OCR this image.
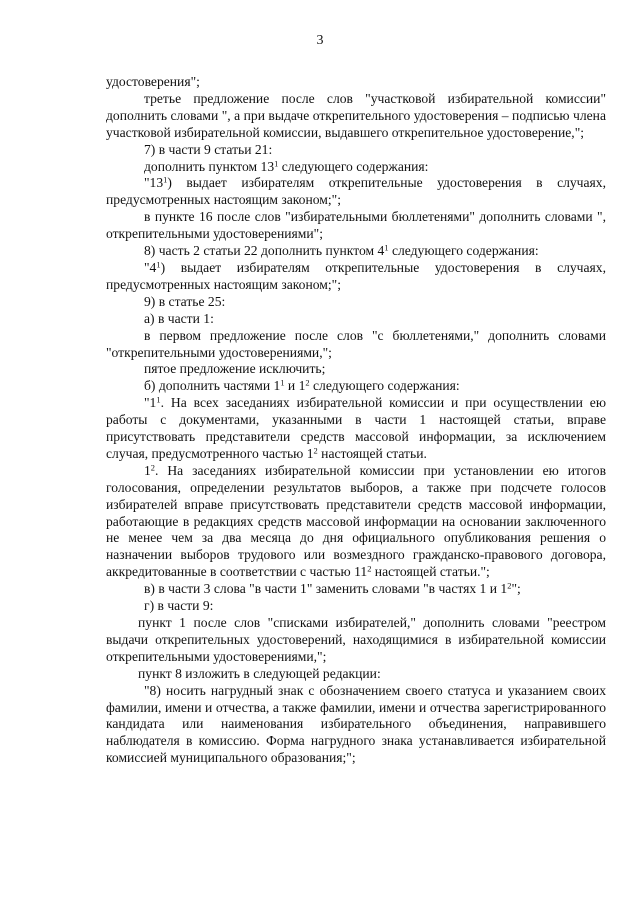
3

удостоверения";

третье предложение после слов "участковой избирательной комиссии" дополнить словами ", а при выдаче открепительного удостоверения – подписью члена участковой избирательной комиссии, выдавшего открепительное удостоверение,";

7) в части 9 статьи 21:

дополнить пунктом $13^1$ следующего содержания:

"$13^1$) выдает избирателям открепительные удостоверения в случаях, предусмотренных настоящим законом;";

в пункте 16 после слов "избирательными бюллетенями" дополнить словами ", открепительными удостоверениями";

8) часть 2 статьи 22 дополнить пунктом $4^1$ следующего содержания:

"$4^1$) выдает избирателям открепительные удостоверения в случаях, предусмотренных настоящим законом;";

9) в статье 25:

а) в части 1:

в первом предложение после слов "с бюллетенями," дополнить словами "открепительными удостоверениями,";

пятое предложение исключить;

б) дополнить частями $1^1$ и $1^2$ следующего содержания:

"$1^1$. На всех заседаниях избирательной комиссии и при осуществлении ею работы с документами, указанными в части 1 настоящей статьи, вправе присутствовать представители средств массовой информации, за исключением случая, предусмотренного частью $1^2$ настоящей статьи.

$1^2$. На заседаниях избирательной комиссии при установлении ею итогов голосования, определении результатов выборов, а также при подсчете голосов избирателей вправе присутствовать представители средств массовой информации, работающие в редакциях средств массовой информации на основании заключенного не менее чем за два месяца до дня официального опубликования решения о назначении выборов трудового или возмездного гражданско-правового договора, аккредитованные в соответствии с частью $11^2$ настоящей статьи.";

в) в части 3 слова "в части 1" заменить словами "в частях 1 и $1^2$";

г) в части 9:

пункт 1 после слов "списками избирателей," дополнить словами "реестром выдачи открепительных удостоверений, находящимися в избирательной комиссии открепительными удостоверениями,";

пункт 8 изложить в следующей редакции:

"8) носить нагрудный знак с обозначением своего статуса и указанием своих фамилии, имени и отчества, а также фамилии, имени и отчества зарегистрированного кандидата или наименования избирательного объединения, направившего наблюдателя в комиссию. Форма нагрудного знака устанавливается избирательной комиссией муниципального образования;";
